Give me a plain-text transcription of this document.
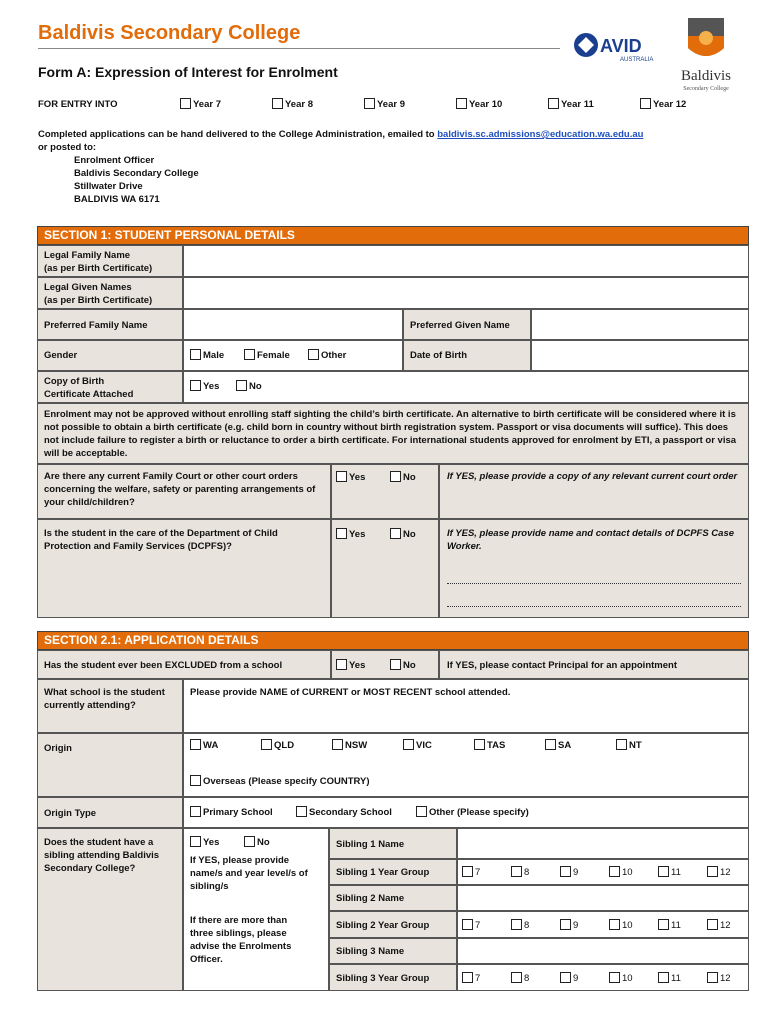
Baldivis Secondary College
Form A: Expression of Interest for Enrolment
AVID
AUSTRALIA
Baldivis
Secondary College
FOR ENTRY INTO	Year 7	Year 8	Year 9	Year 10	Year 11	Year 12
Completed applications can be hand delivered to the College Administration, emailed to baldivis.sc.admissions@education.wa.edu.au
or posted to:
Enrolment Officer
Baldivis Secondary College
Stillwater Drive
BALDIVIS WA 6171
SECTION 1: STUDENT PERSONAL DETAILS
Legal Family Name
(as per Birth Certificate)
Legal Given Names
(as per Birth Certificate)
Preferred Family Name	Preferred Given Name
Gender	Male	Female	Other	Date of Birth
Copy of Birth
Certificate Attached
Yes	No
Enrolment may not be approved without enrolling staff sighting the child’s birth certificate. An alternative to birth certificate will be considered where it is not possible to obtain a birth certificate (e.g. child born in country without birth registration system. Passport or visa documents will suffice). This does not include failure to register a birth or reluctance to order a birth certificate. For international students approved for enrolment by ETI, a passport or visa will be acceptable.
Are there any current Family Court or other court orders concerning the welfare, safety or parenting arrangements of your child/children?
Yes	No	If YES, please provide a copy of any relevant current court order
Is the student in the care of the Department of Child Protection and Family Services (DCPFS)?
Yes	No	If YES, please provide name and contact details of DCPFS Case Worker.
SECTION 2.1: APPLICATION DETAILS
Has the student ever been EXCLUDED from a school	Yes	No	If YES, please contact Principal for an appointment
What school is the student currently attending?
Please provide NAME of CURRENT or MOST RECENT school attended.
Origin	WA	QLD	NSW	VIC	TAS	SA	NT
Overseas (Please specify COUNTRY)
Origin Type	Primary School	Secondary School	Other (Please specify)
Does the student have a sibling attending Baldivis Secondary College?
Yes	No
If YES, please provide name/s and year level/s of sibling/s
If there are more than three siblings, please advise the Enrolments Officer.
Sibling 1 Name
Sibling 1 Year Group	7	8	9	10	11	12
Sibling 2 Name
Sibling 2 Year Group	7	8	9	10	11	12
Sibling 3 Name
Sibling 3 Year Group	7	8	9	10	11	12
